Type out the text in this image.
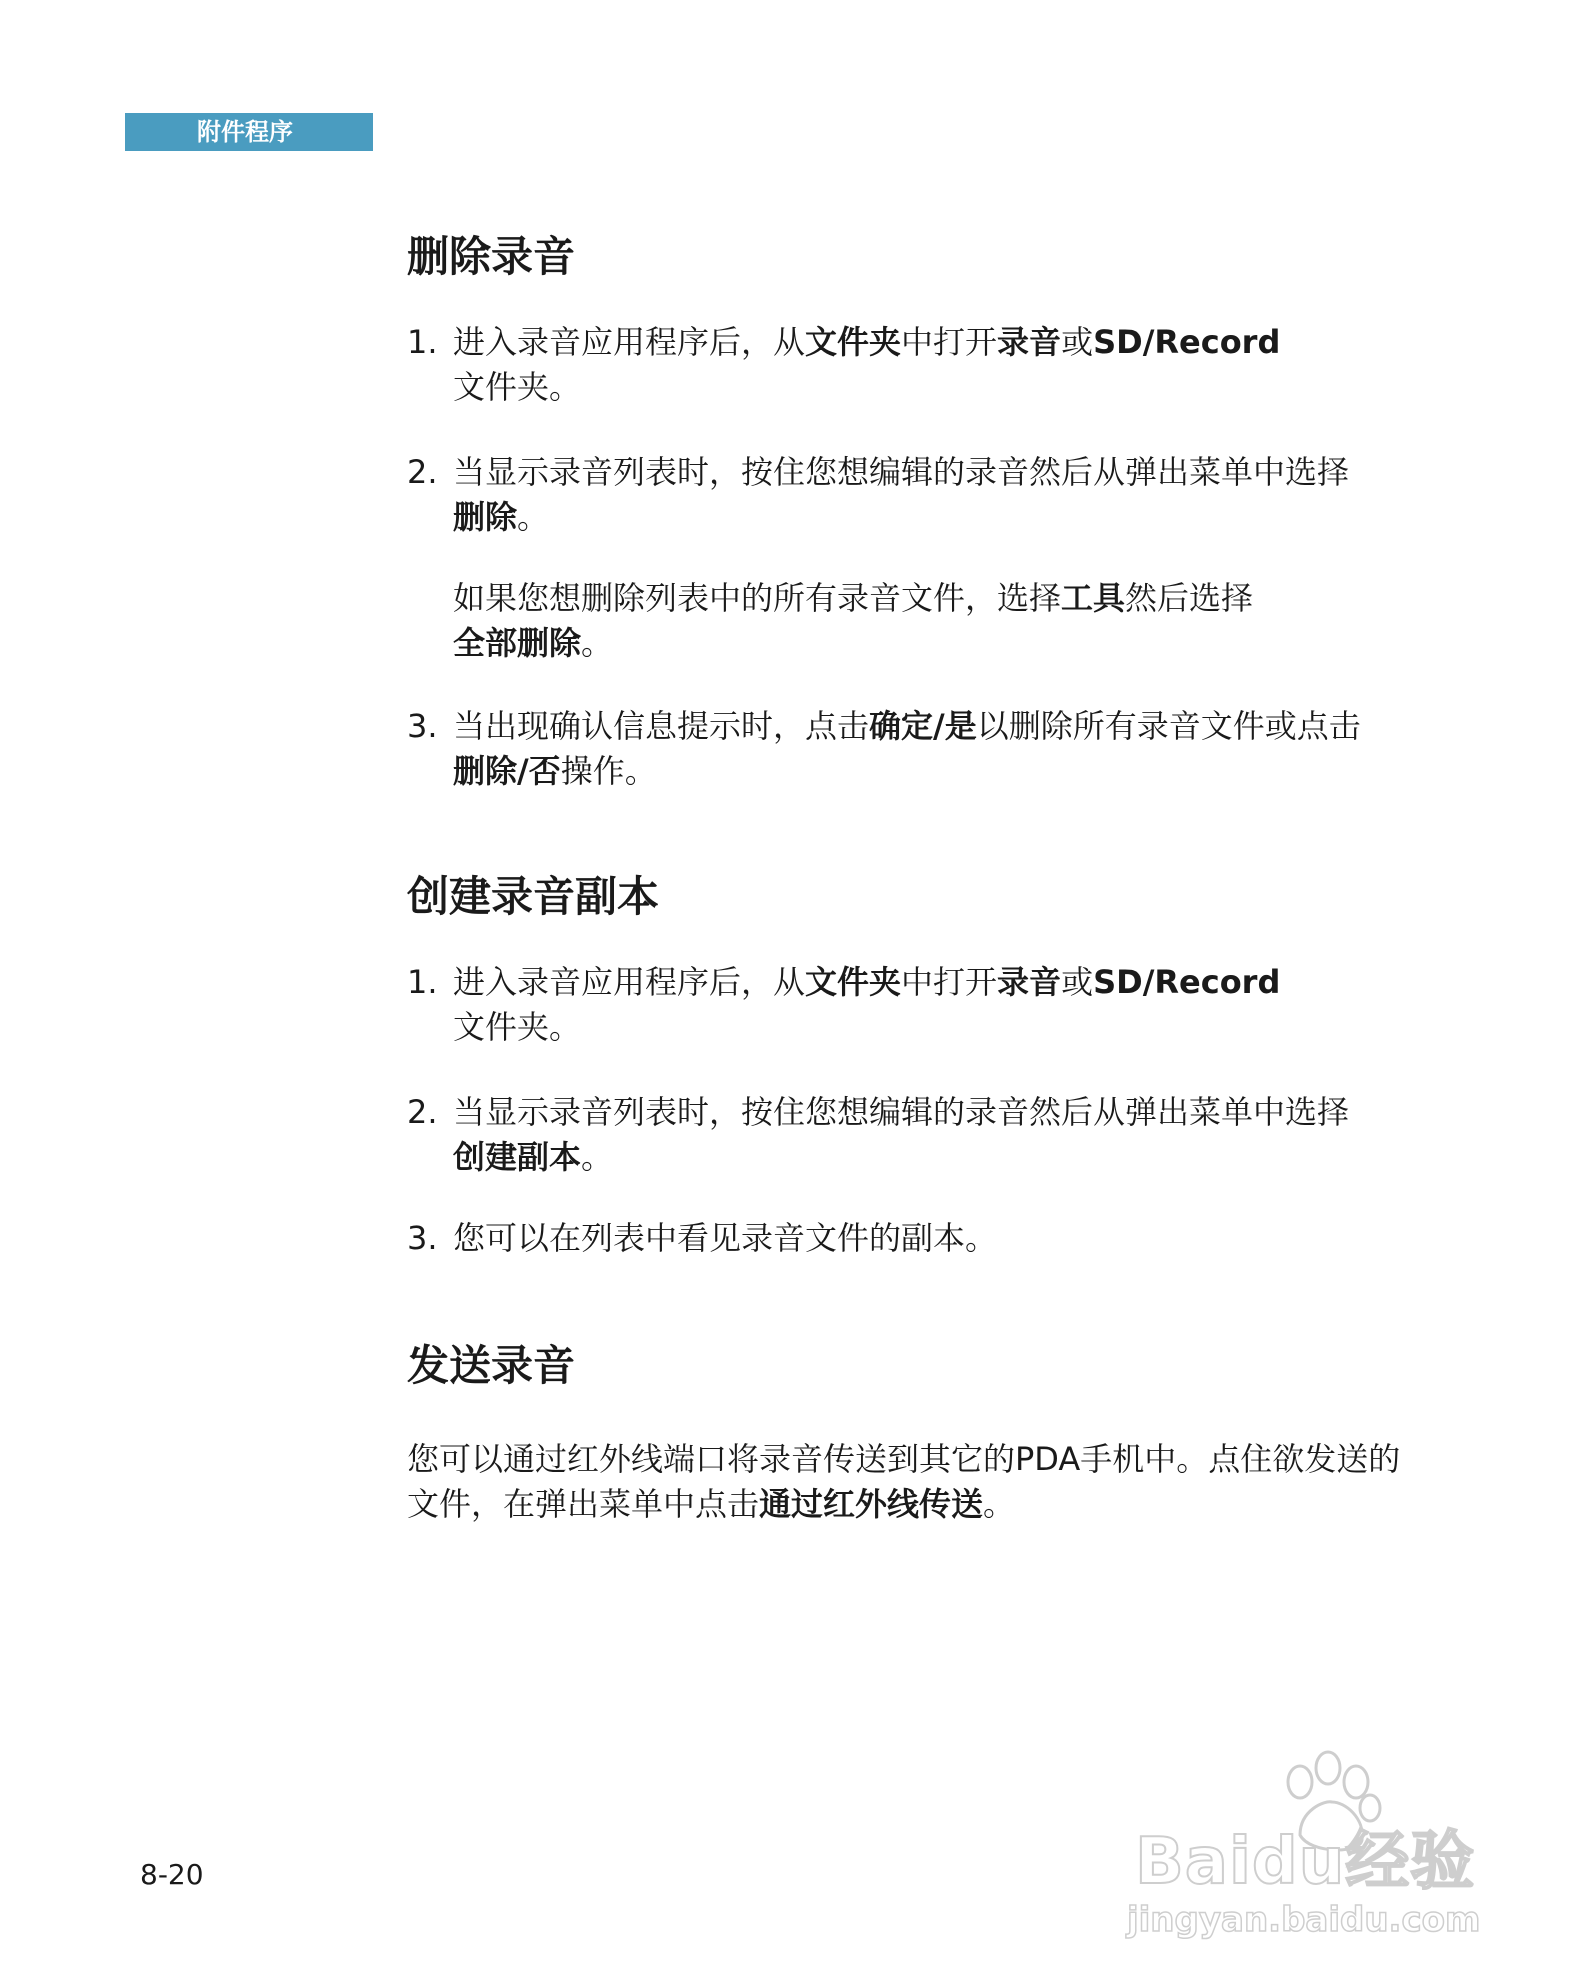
附件程序
删除录音
1. 进入录音应用程序后，从文件夹中打开录音或SD/Record
文件夹。
2. 当显示录音列表时，按住您想编辑的录音然后从弹出菜单中选择
删除。
如果您想删除列表中的所有录音文件，选择工具然后选择
全部删除。
3. 当出现确认信息提示时，点击确定/是以删除所有录音文件或点击
删除/否操作。
创建录音副本
1. 进入录音应用程序后，从文件夹中打开录音或SD/Record
文件夹。
2. 当显示录音列表时，按住您想编辑的录音然后从弹出菜单中选择
创建副本。
3. 您可以在列表中看见录音文件的副本。
发送录音

您可以通过红外线端口将录音传送到其它的PDA手机中。点住欲发送的文件，在弹出菜单中点击通过红外线传送。

8-20	Baidu经验
jingyan.baidu.com
